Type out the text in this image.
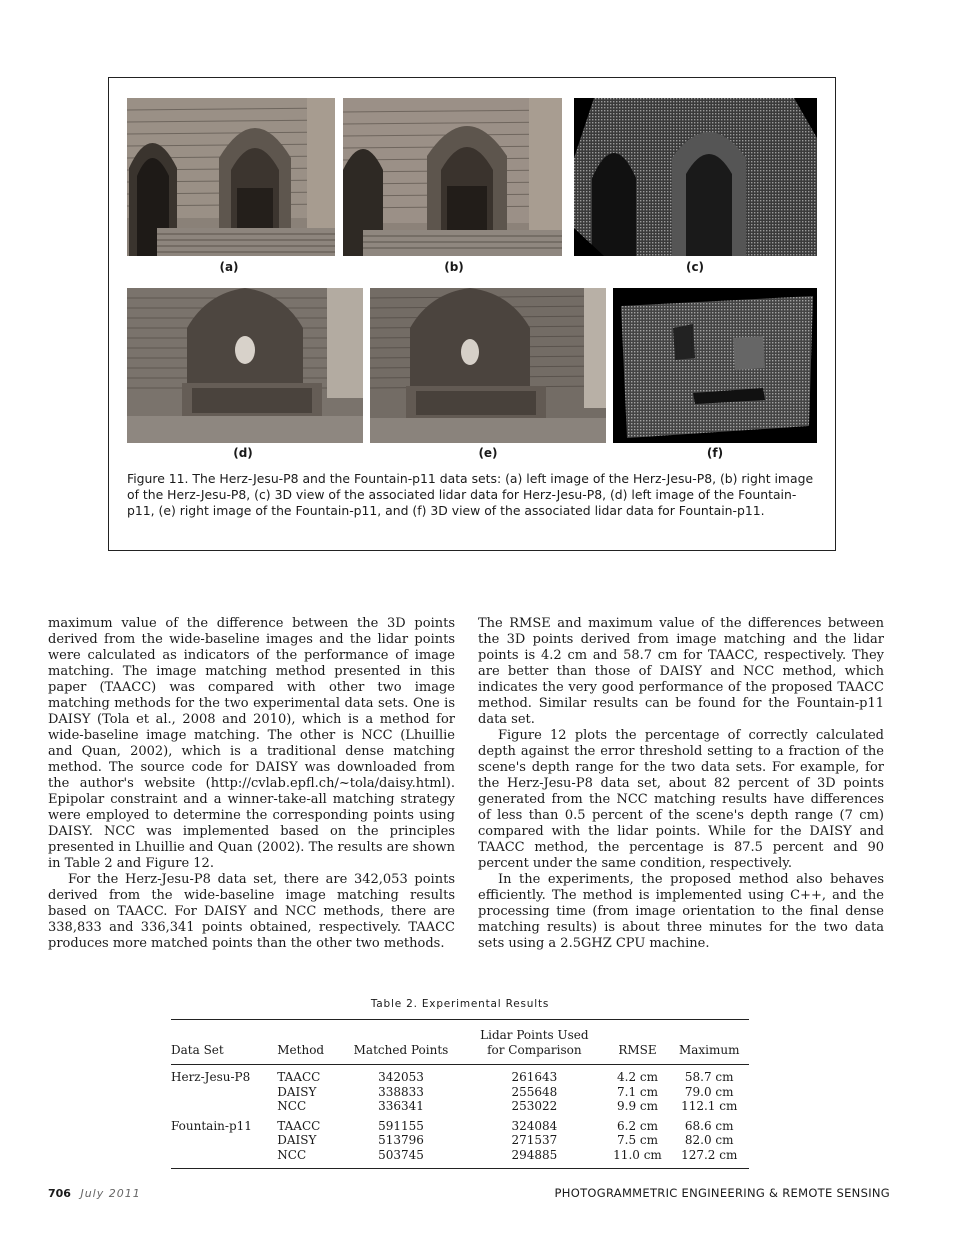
(a)	(b)	(c)
(d)	(e)	(f)
Figure 11. The Herz-Jesu-P8 and the Fountain-p11 data sets: (a) left image of the Herz-Jesu-P8, (b) right image of the Herz-Jesu-P8, (c) 3D view of the associated lidar data for Herz-Jesu-P8, (d) left image of the Fountain-p11, (e) right image of the Fountain-p11, and (f) 3D view of the associated lidar data for Fountain-p11.

maximum value of the difference between the 3D points derived from the wide-baseline images and the lidar points were calculated as indicators of the performance of image matching. The image matching method presented in this paper (TAACC) was compared with other two image matching methods for the two experimental data sets. One is DAISY (Tola et al., 2008 and 2010), which is a method for wide-baseline image matching. The other is NCC (Lhuillie and Quan, 2002), which is a traditional dense matching method. The source code for DAISY was downloaded from the author's website (http://cvlab.epfl.ch/~tola/daisy.html). Epipolar constraint and a winner-take-all matching strategy were employed to determine the corresponding points using DAISY. NCC was implemented based on the principles presented in Lhuillie and Quan (2002). The results are shown in Table 2 and Figure 12.

For the Herz-Jesu-P8 data set, there are 342,053 points derived from the wide-baseline image matching results based on TAACC. For DAISY and NCC methods, there are 338,833 and 336,341 points obtained, respectively. TAACC produces more matched points than the other two methods.

The RMSE and maximum value of the differences between the 3D points derived from image matching and the lidar points is 4.2 cm and 58.7 cm for TAACC, respectively. They are better than those of DAISY and NCC method, which indicates the very good performance of the proposed TAACC method. Similar results can be found for the Fountain-p11 data set.

Figure 12 plots the percentage of correctly calculated depth against the error threshold setting to a fraction of the scene's depth range for the two data sets. For example, for the Herz-Jesu-P8 data set, about 82 percent of 3D points generated from the NCC matching results have differences of less than 0.5 percent of the scene's depth range (7 cm) compared with the lidar points. While for the DAISY and TAACC method, the percentage is 87.5 percent and 90 percent under the same condition, respectively.

In the experiments, the proposed method also behaves efficiently. The method is implemented using C++, and the processing time (from image orientation to the final dense matching results) is about three minutes for the two data sets using a 2.5GHZ CPU machine.

Table 2. Experimental Results
			Lidar Points Used		
Data Set	Method	Matched Points	for Comparison	RMSE	Maximum
Herz-Jesu-P8	TAACC	342053	261643	4.2 cm	58.7 cm
	DAISY	338833	255648	7.1 cm	79.0 cm
	NCC	336341	253022	9.9 cm	112.1 cm
Fountain-p11	TAACC	591155	324084	6.2 cm	68.6 cm
	DAISY	513796	271537	7.5 cm	82.0 cm
	NCC	503745	294885	11.0 cm	127.2 cm
706 July 2011	PHOTOGRAMMETRIC ENGINEERING & REMOTE SENSING
